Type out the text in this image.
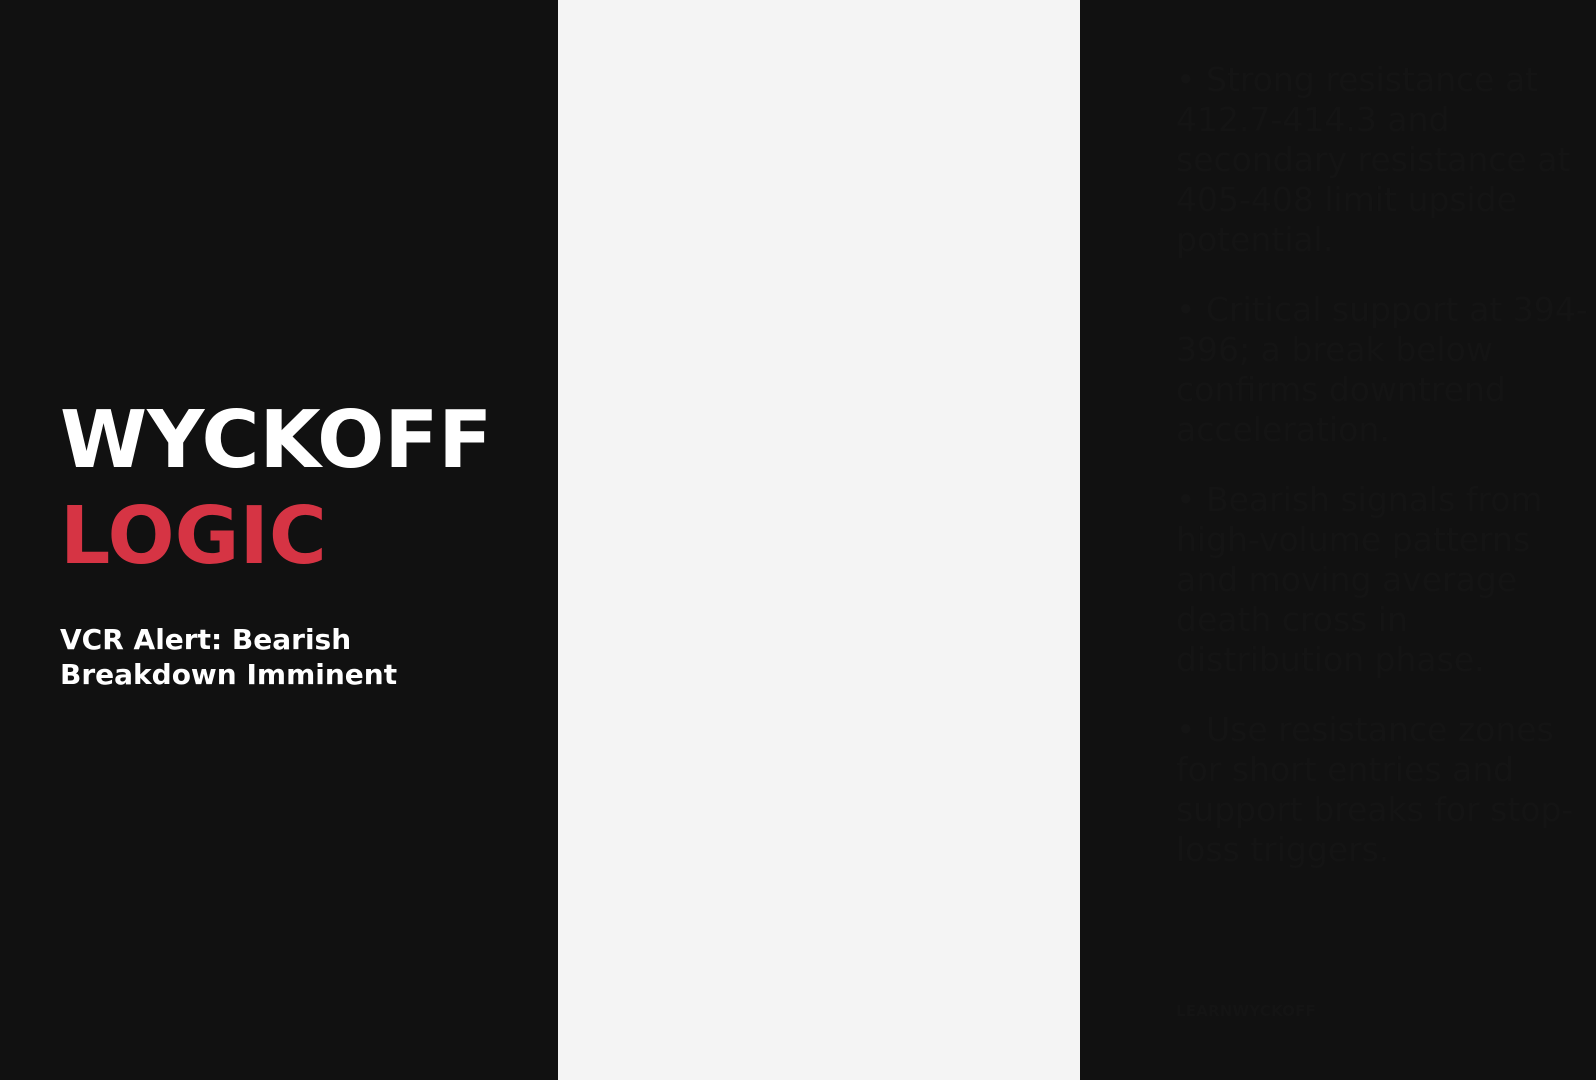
WYCKOFF
LOGIC

VCR Alert: Bearish Breakdown Imminent

• Strong resistance at 412.7-414.3 and secondary resistance at 405-408 limit upside potential.
• Critical support at 394-396; a break below confirms downtrend acceleration.
• Bearish signals from high-volume patterns and moving average death cross in distribution phase.
• Use resistance zones for short entries and support breaks for stop-loss triggers.

LEARNWYCKOFF
